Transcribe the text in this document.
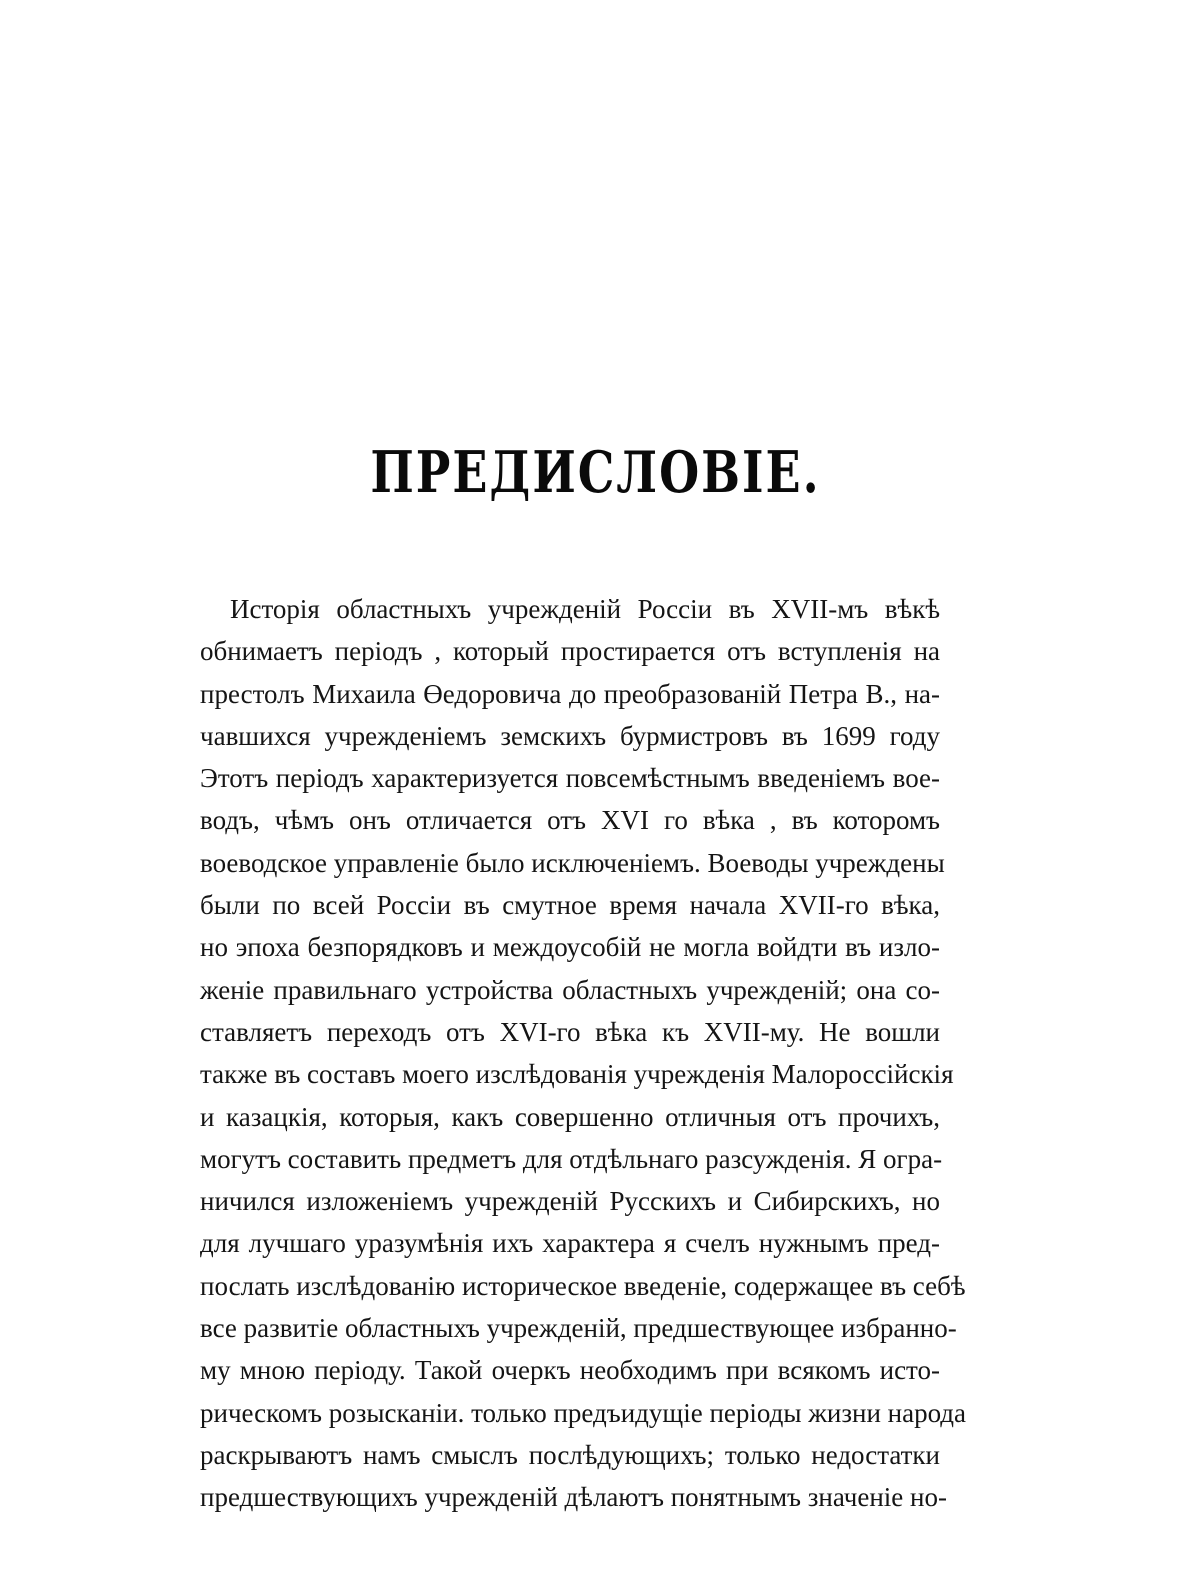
ПРЕДИСЛОВІЕ.
Исторія областныхъ учрежденій Россіи въ XVII-мъ вѣкѣ
обнимаетъ періодъ , который простирается отъ вступленія на
престолъ Михаила Өедоровича до преобразованій Петра В., на-
чавшихся учрежденіемъ земскихъ бурмистровъ въ 1699 году
Этотъ періодъ характеризуется повсемѣстнымъ введеніемъ вое-
водъ, чѣмъ онъ отличается отъ XVI го вѣка , въ которомъ
воеводское управленіе было исключеніемъ. Воеводы учреждены
были по всей Россіи въ смутное время начала XVII-го вѣка,
но эпоха безпорядковъ и междоусобій не могла войдти въ изло-
женіе правильнаго устройства областныхъ учрежденій; она со-
ставляетъ переходъ отъ XVI-го вѣка къ XVII-му. Не вошли
также въ составъ моего изслѣдованія учрежденія Малороссійскія
и казацкія, которыя, какъ совершенно отличныя отъ прочихъ,
могутъ составить предметъ для отдѣльнаго разсужденія. Я огра-
ничился изложеніемъ учрежденій Русскихъ и Сибирскихъ, но
для лучшаго уразумѣнія ихъ характера я счелъ нужнымъ пред-
послать изслѣдованію историческое введеніе, содержащее въ себѣ
все развитіе областныхъ учрежденій, предшествующее избранно-
му мною періоду. Такой очеркъ необходимъ при всякомъ исто-
рическомъ розысканіи. только предъидущіе періоды жизни народа
раскрываютъ намъ смыслъ послѣдующихъ; только недостатки
предшествующихъ учрежденій дѣлаютъ понятнымъ значеніе но-
